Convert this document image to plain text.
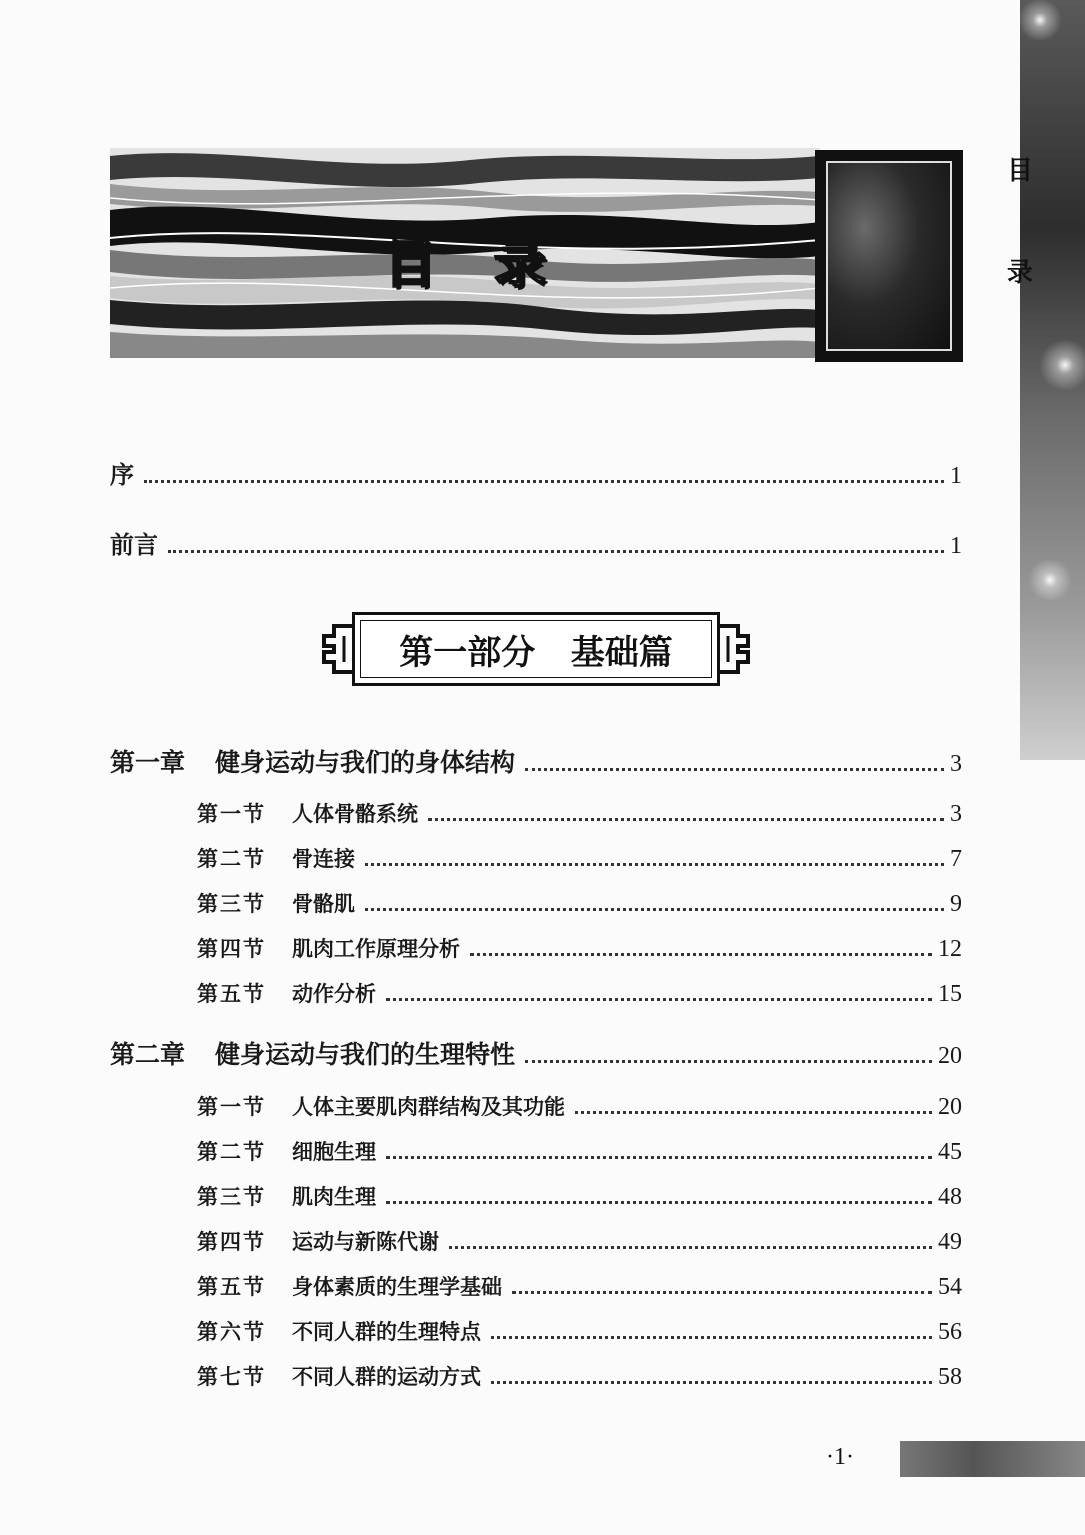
目
录
目录
序	1
前言	1
第一部分   基础篇
第一章 健身运动与我们的身体结构	3
第一节 人体骨骼系统	3
第二节 骨连接	7
第三节 骨骼肌	9
第四节 肌肉工作原理分析	12
第五节 动作分析	15
第二章 健身运动与我们的生理特性	20
第一节 人体主要肌肉群结构及其功能	20
第二节 细胞生理	45
第三节 肌肉生理	48
第四节 运动与新陈代谢	49
第五节 身体素质的生理学基础	54
第六节 不同人群的生理特点	56
第七节 不同人群的运动方式	58
·1·
